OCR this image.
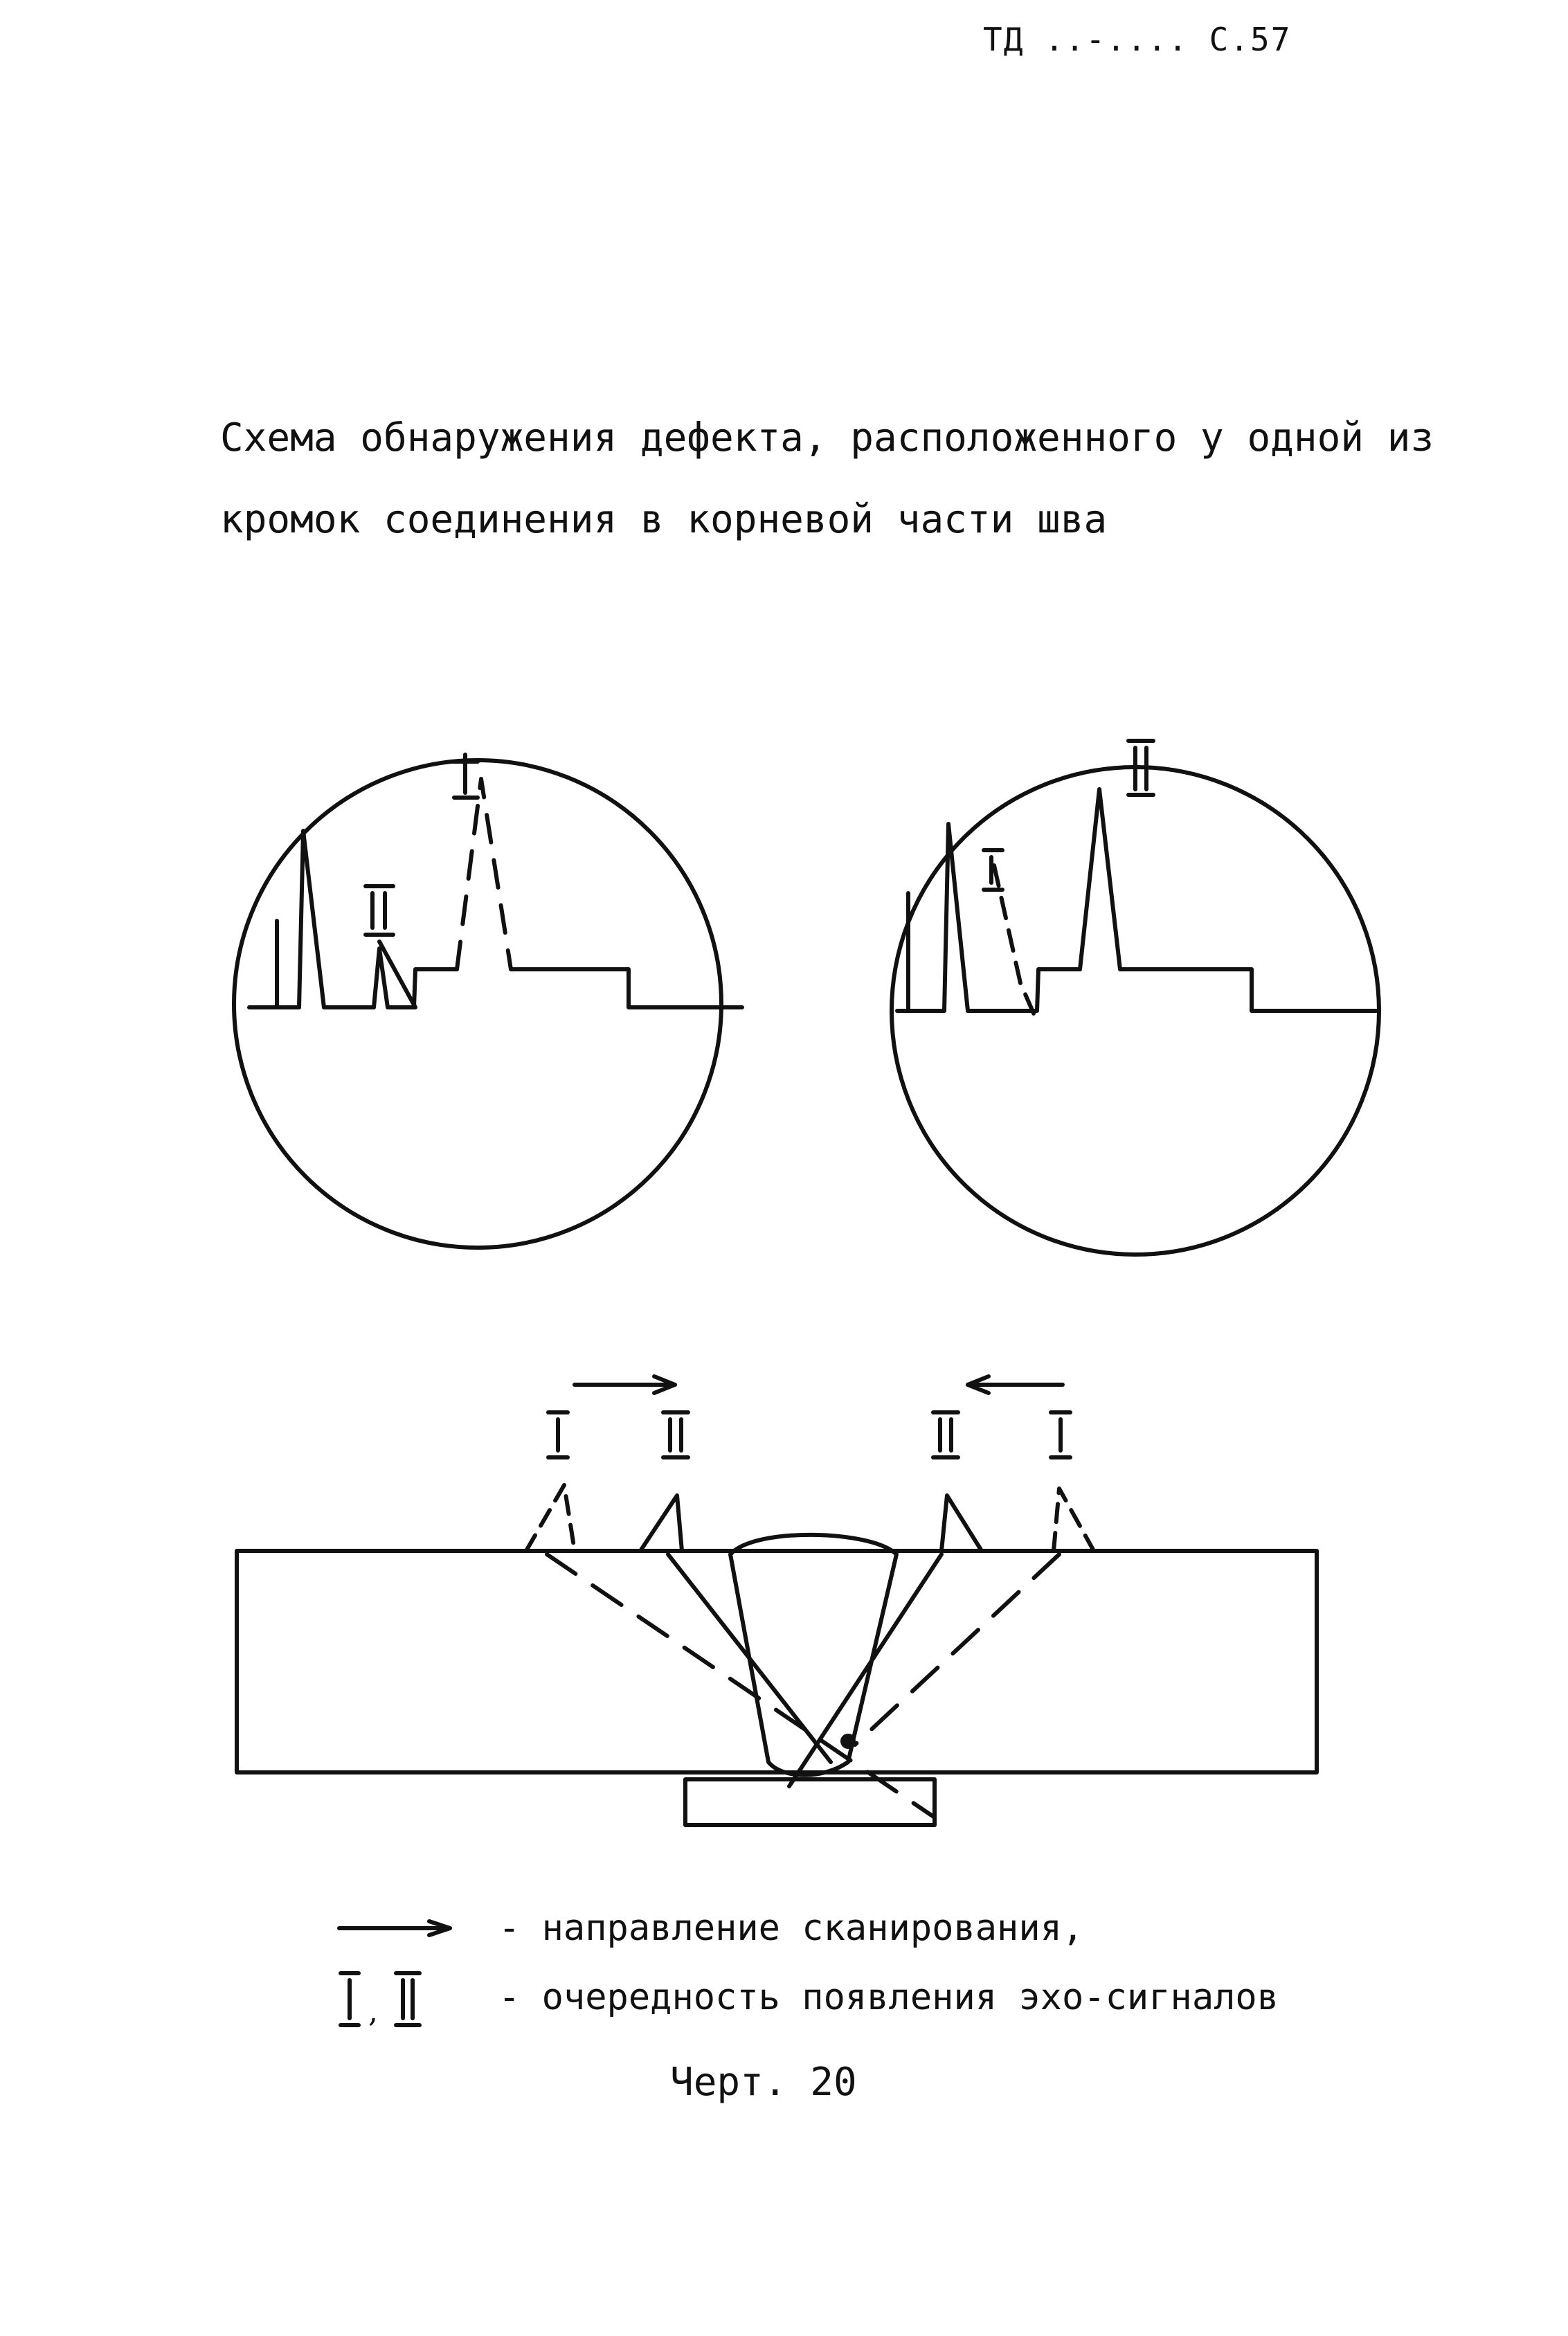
ТД ..-.... С.57
Схема обнаружения дефекта, расположенного у одной из
кромок соединения в корневой части шва
,
- направление сканирования,
- очередность появления эхо-сигналов
Черт. 20
